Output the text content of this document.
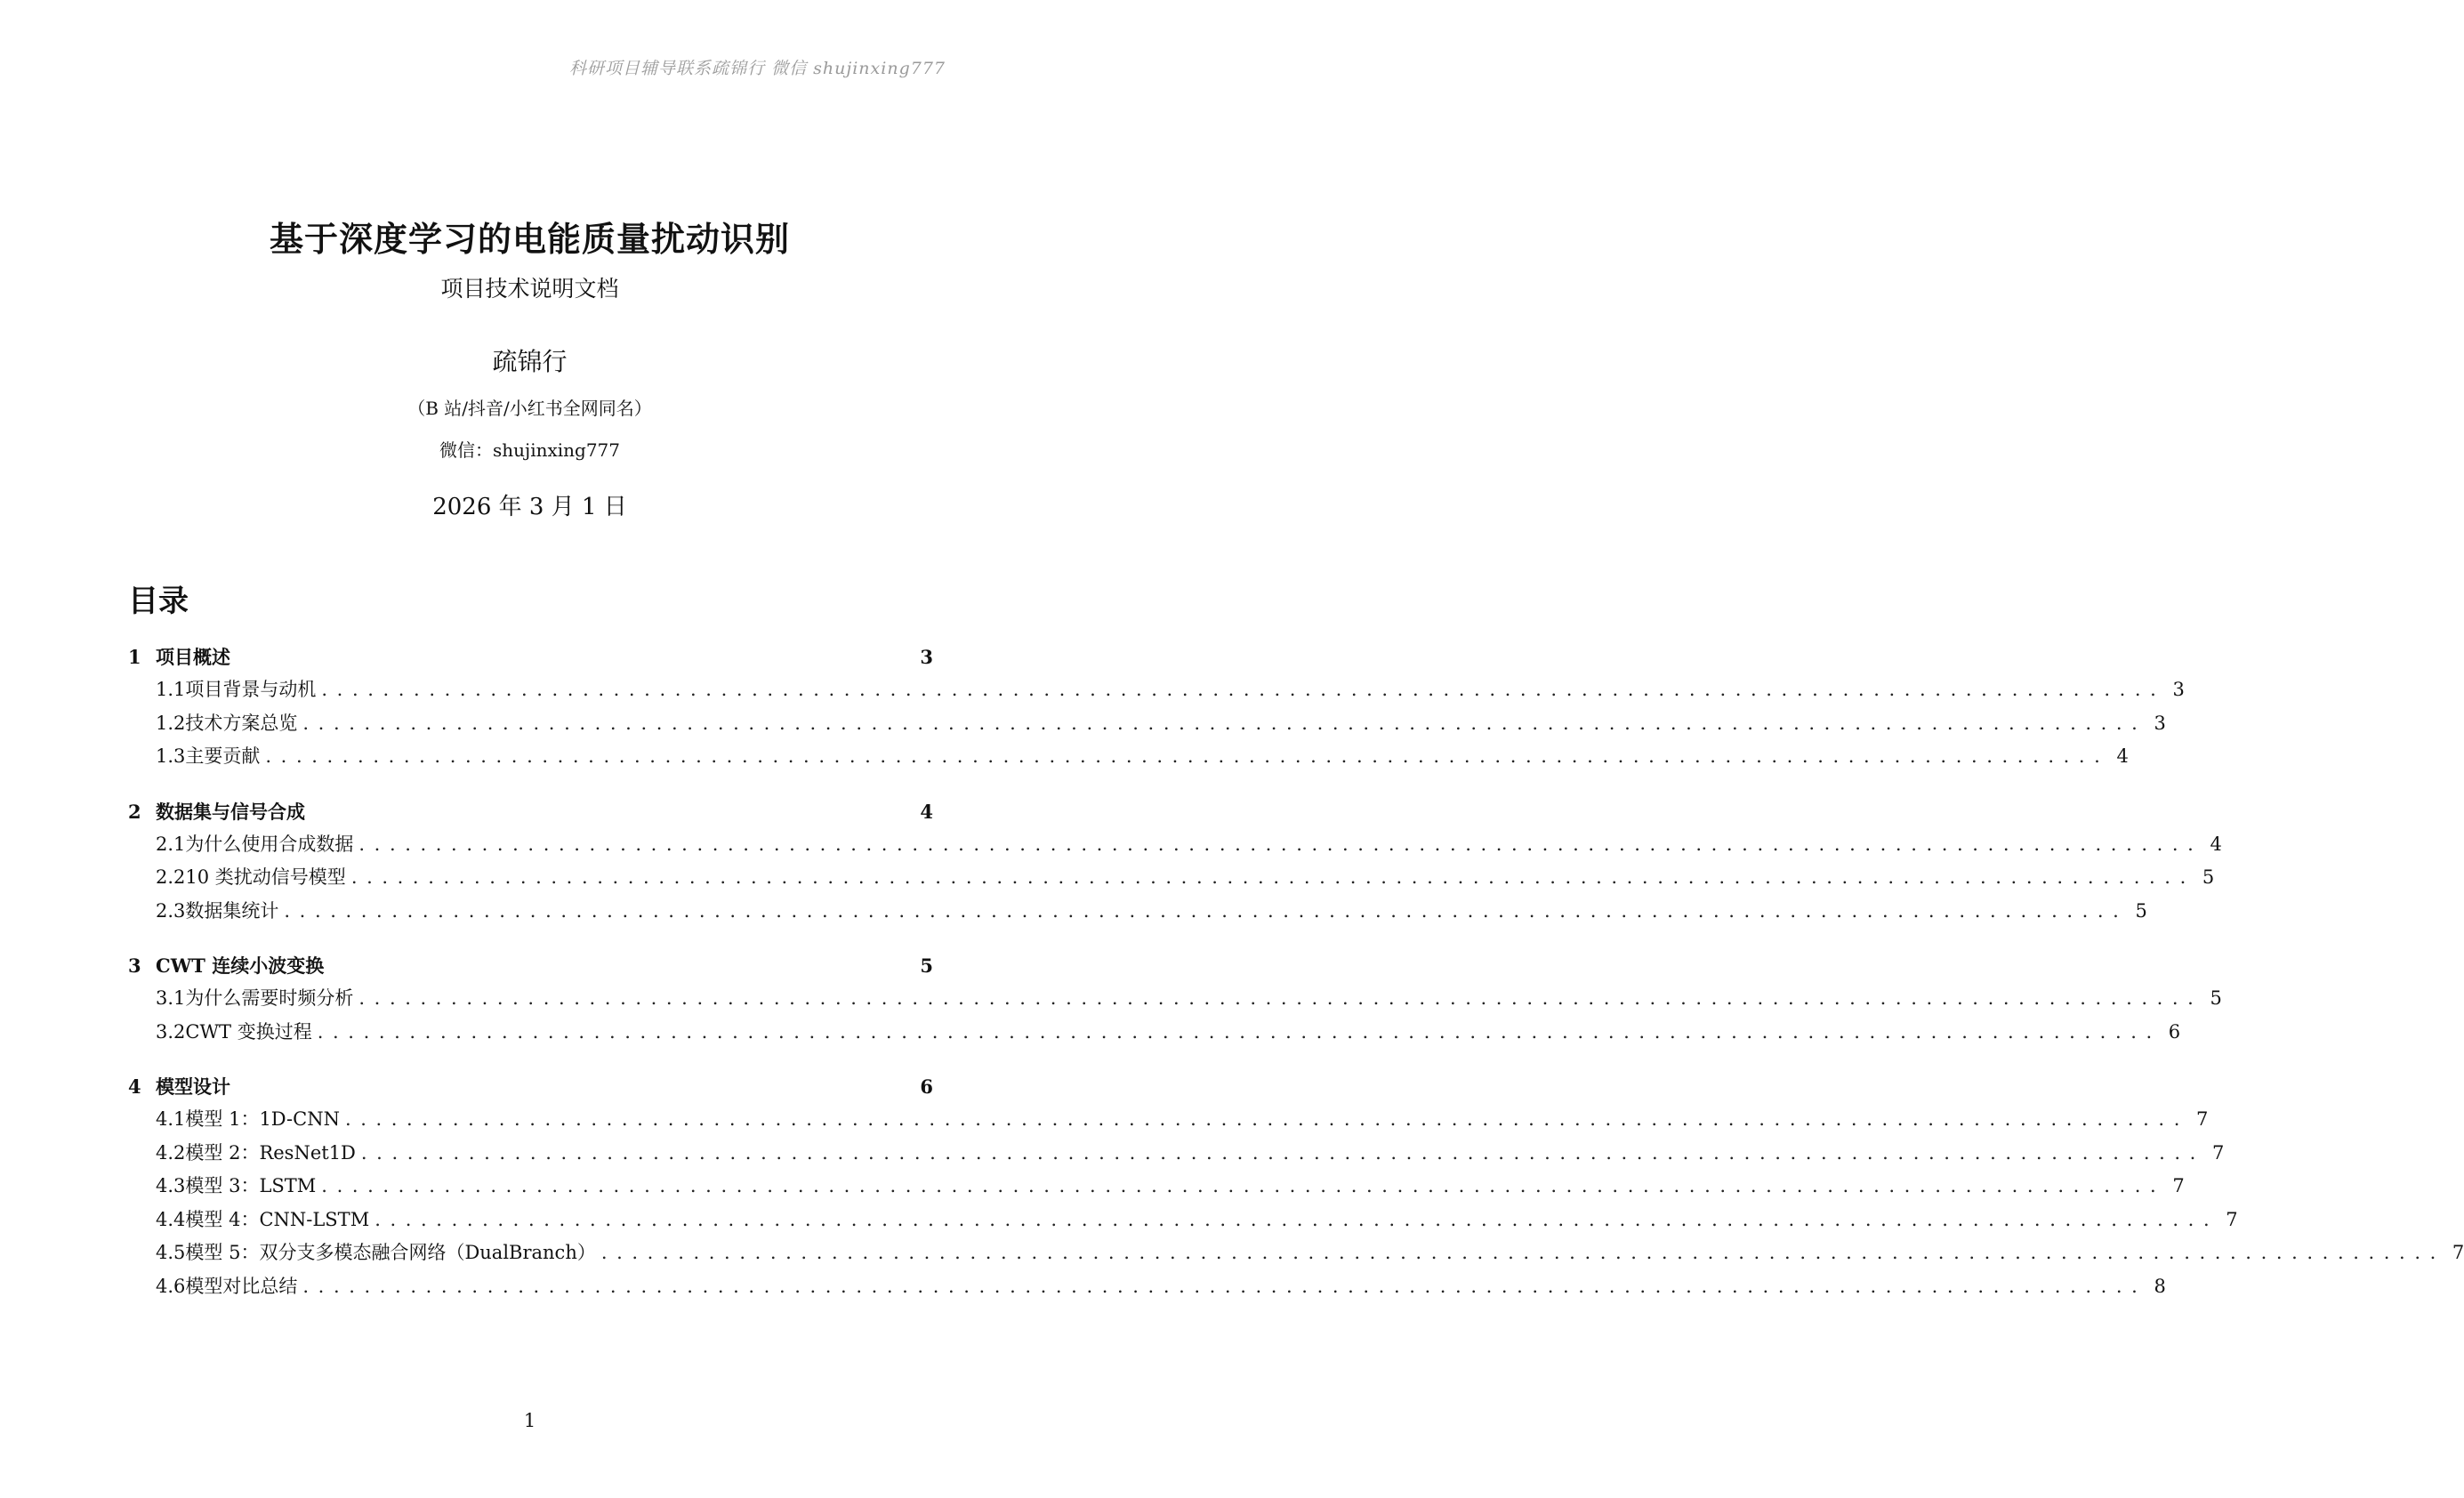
科研项目辅导联系疏锦行 微信 shujinxing777
基于深度学习的电能质量扰动识别
项目技术说明文档
疏锦行
（B 站/抖音/小红书全网同名）
微信：shujinxing777
2026 年 3 月 1 日
目录
1 项目概述	3
1.1 项目背景与动机 ........................................................................................................................ 3
1.2 技术方案总览 ........................................................................................................................ 3
1.3 主要贡献 ........................................................................................................................ 4
2 数据集与信号合成	4
2.1 为什么使用合成数据 ........................................................................................................................ 4
2.2 10 类扰动信号模型 ........................................................................................................................ 5
2.3 数据集统计 ........................................................................................................................ 5
3 CWT 连续小波变换	5
3.1 为什么需要时频分析 ........................................................................................................................ 5
3.2 CWT 变换过程 ........................................................................................................................ 6
4 模型设计	6
4.1 模型 1：1D-CNN ........................................................................................................................ 7
4.2 模型 2：ResNet1D ........................................................................................................................ 7
4.3 模型 3：LSTM ........................................................................................................................ 7
4.4 模型 4：CNN-LSTM ........................................................................................................................ 7
4.5 模型 5：双分支多模态融合网络（DualBranch） ........................................................................................................................ 7
4.6 模型对比总结 ........................................................................................................................ 8
1
